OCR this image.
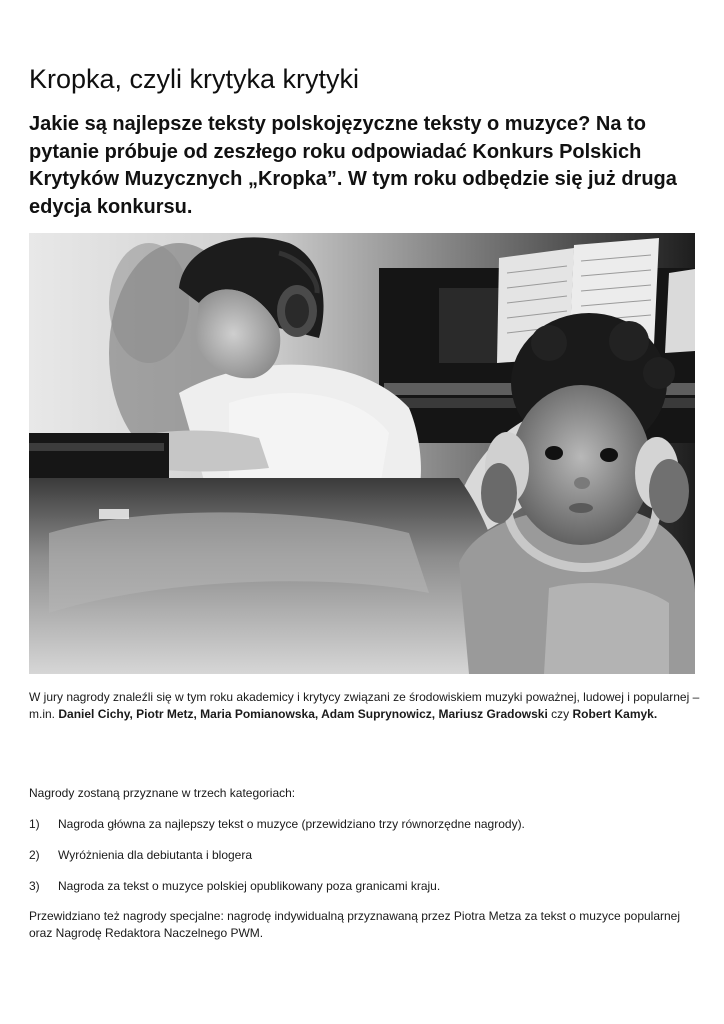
Kropka, czyli krytyka krytyki

Jakie są najlepsze teksty polskojęzyczne teksty o muzyce? Na to pytanie próbuje od zeszłego roku odpowiadać Konkurs Polskich Krytyków Muzycznych „Kropka”. W tym roku odbędzie się już druga edycja konkursu.

W jury nagrody znaleźli się w tym roku akademicy i krytycy związani ze środowiskiem muzyki poważnej, ludowej i popularnej – m.in. Daniel Cichy, Piotr Metz, Maria Pomianowska, Adam Suprynowicz, Mariusz Gradowski czy Robert Kamyk.

Nagrody zostaną przyznane w trzech kategoriach:

1) Nagroda główna za najlepszy tekst o muzyce (przewidziano trzy równorzędne nagrody).

2) Wyróżnienia dla debiutanta i blogera

3) Nagroda za tekst o muzyce polskiej opublikowany poza granicami kraju.

Przewidziano też nagrody specjalne: nagrodę indywidualną przyznawaną przez Piotra Metza za tekst o muzyce popularnej oraz Nagrodę Redaktora Naczelnego PWM.
